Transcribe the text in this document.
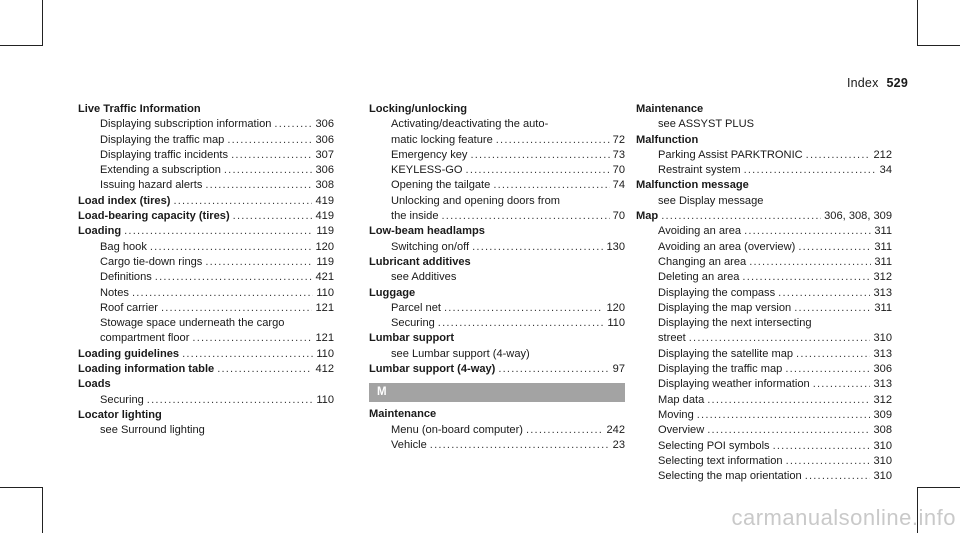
Index 529
Live Traffic Information
Displaying subscription information .....	306
Displaying the traffic map .....	306
Displaying traffic incidents .....	307
Extending a subscription .....	306
Issuing hazard alerts .....	308
Load index (tires) .....	419
Load-bearing capacity (tires) .....	419
Loading .....	119
Bag hook .....	120
Cargo tie-down rings .....	119
Definitions .....	421
Notes .....	110
Roof carrier .....	121
Stowage space underneath the cargo
compartment floor .....	121
Loading guidelines .....	110
Loading information table .....	412
Loads
Securing .....	110
Locator lighting
see Surround lighting
Locking/unlocking
Activating/deactivating the auto-
matic locking feature .....	72
Emergency key .....	73
KEYLESS-GO .....	70
Opening the tailgate .....	74
Unlocking and opening doors from
the inside .....	70
Low-beam headlamps
Switching on/off .....	130
Lubricant additives
see Additives
Luggage
Parcel net .....	120
Securing .....	110
Lumbar support
see Lumbar support (4-way)
Lumbar support (4-way) .....	97
M
Maintenance
Menu (on-board computer) .....	242
Vehicle .....	23
Maintenance
see ASSYST PLUS
Malfunction
Parking Assist PARKTRONIC .....	212
Restraint system .....	34
Malfunction message
see Display message
Map .....	306, 308, 309
Avoiding an area .....	311
Avoiding an area (overview) .....	311
Changing an area .....	311
Deleting an area .....	312
Displaying the compass .....	313
Displaying the map version .....	311
Displaying the next intersecting
street .....	310
Displaying the satellite map .....	313
Displaying the traffic map .....	306
Displaying weather information .....	313
Map data .....	312
Moving .....	309
Overview .....	308
Selecting POI symbols .....	310
Selecting text information .....	310
Selecting the map orientation .....	310
carmanualsonline.info
